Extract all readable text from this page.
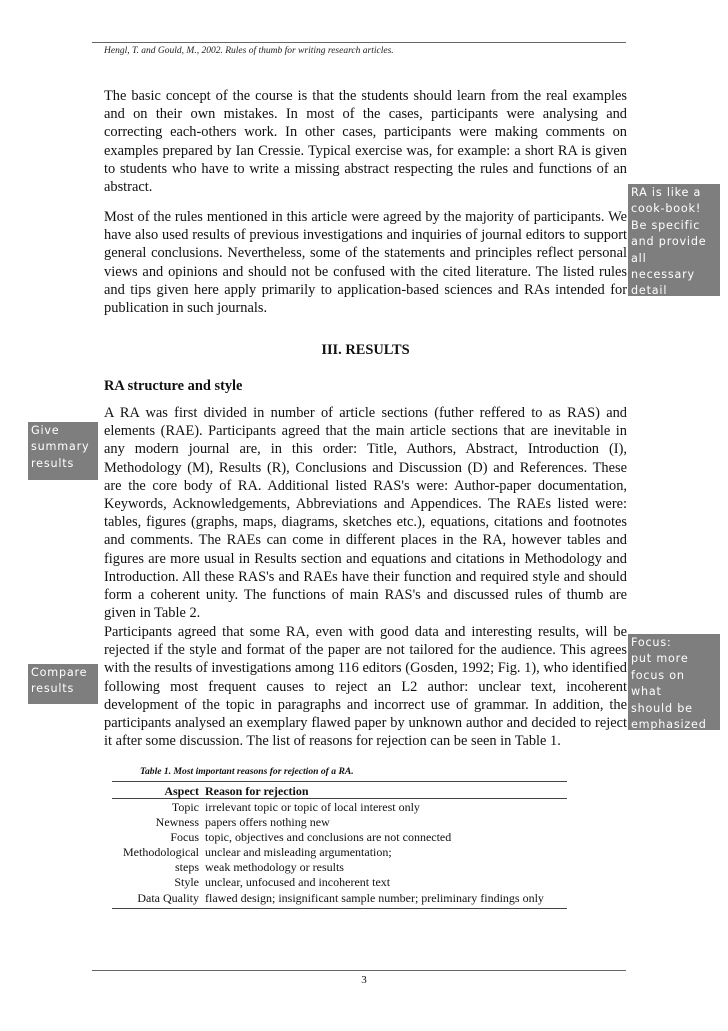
Hengl, T. and Gould, M., 2002. Rules of thumb for writing research articles.

The basic concept of the course is that the students should learn from the real examples and on their own mistakes. In most of the cases, participants were analysing and correcting each-others work. In other cases, participants were making comments on examples prepared by Ian Cressie. Typical exercise was, for example: a short RA is given to students who have to write a missing abstract respecting the rules and functions of an abstract.

Most of the rules mentioned in this article were agreed by the majority of participants. We have also used results of previous investigations and inquiries of journal editors to support general conclusions. Nevertheless, some of the statements and principles reflect personal views and opinions and should not be confused with the cited literature. The listed rules and tips given here apply primarily to application-based sciences and RAs intended for publication in such journals.

III. RESULTS
RA structure and style

A RA was first divided in number of article sections (futher reffered to as RAS) and elements (RAE). Participants agreed that the main article sections that are inevitable in any modern journal are, in this order: Title, Authors, Abstract, Introduction (I), Methodology (M), Results (R), Conclusions and Discussion (D) and References. These are the core body of RA. Additional listed RAS's were: Author-paper documentation, Keywords, Acknowledgements, Abbreviations and Appendices. The RAEs listed were: tables, figures (graphs, maps, diagrams, sketches etc.), equations, citations and footnotes and comments. The RAEs can come in different places in the RA, however tables and figures are more usual in Results section and equations and citations in Methodology and Introduction. All these RAS's and RAEs have their function and required style and should form a coherent unity. The functions of main RAS's and discussed rules of thumb are given in Table 2.

Participants agreed that some RA, even with good data and interesting results, will be rejected if the style and format of the paper are not tailored for the audience. This agrees with the results of investigations among 116 editors (Gosden, 1992; Fig. 1), who identified following most frequent causes to reject an L2 author: unclear text, incoherent development of the topic in paragraphs and incorrect use of grammar. In addition, the participants analysed an exemplary flawed paper by unknown author and decided to reject it after some discussion. The list of reasons for rejection can be seen in Table 1.

RA is like a
cook-book!
Be specific
and provide
all
necessary
detail
Give
summary
results
Compare
results
Focus:
put more
focus on
what
should be
emphasized
Table 1. Most important reasons for rejection of a RA.
Aspect	Reason for rejection
Topic	irrelevant topic or topic of local interest only
Newness	papers offers nothing new
Focus	topic, objectives and conclusions are not connected
Methodological	unclear and misleading argumentation;
steps	weak methodology or results
Style	unclear, unfocused and incoherent text
Data Quality	flawed design; insignificant sample number; preliminary findings only
3
